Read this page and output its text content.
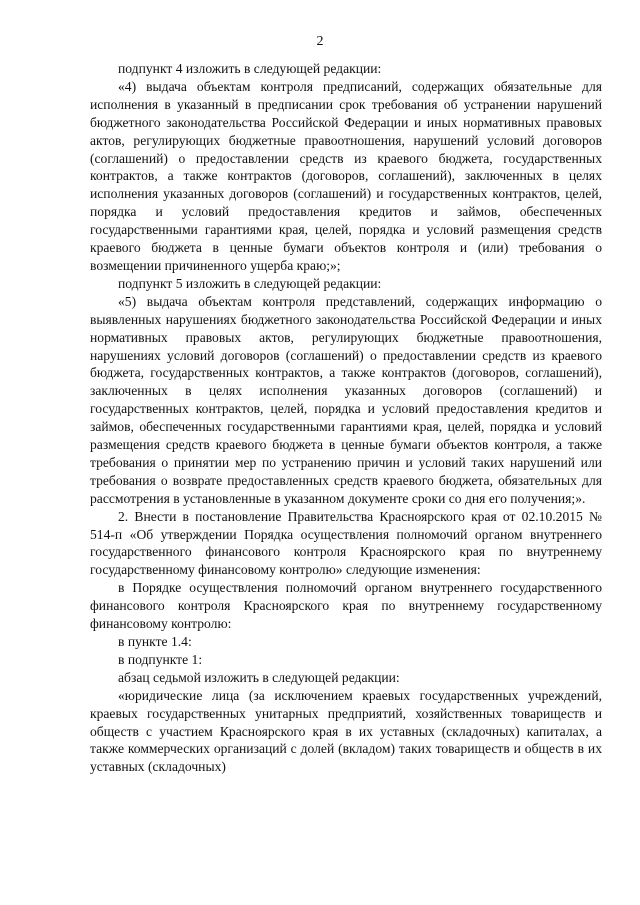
2

подпункт 4 изложить в следующей редакции:

«4) выдача объектам контроля предписаний, содержащих обязательные для исполнения в указанный в предписании срок требования об устранении нарушений бюджетного законодательства Российской Федерации и иных нормативных правовых актов, регулирующих бюджетные правоотношения, нарушений условий договоров (соглашений) о предоставлении средств из краевого бюджета, государственных контрактов, а также контрактов (договоров, соглашений), заключенных в целях исполнения указанных договоров (соглашений) и государственных контрактов, целей, порядка и условий предоставления кредитов и займов, обеспеченных государственными гарантиями края, целей, порядка и условий размещения средств краевого бюджета в ценные бумаги объектов контроля и (или) требования о возмещении причиненного ущерба краю;»;

подпункт 5 изложить в следующей редакции:

«5) выдача объектам контроля представлений, содержащих информацию о выявленных нарушениях бюджетного законодательства Российской Федерации и иных нормативных правовых актов, регулирующих бюджетные правоотношения, нарушениях условий договоров (соглашений) о предоставлении средств из краевого бюджета, государственных контрактов, а также контрактов (договоров, соглашений), заключенных в целях исполнения указанных договоров (соглашений) и государственных контрактов, целей, порядка и условий предоставления кредитов и займов, обеспеченных государственными гарантиями края, целей, порядка и условий размещения средств краевого бюджета в ценные бумаги объектов контроля, а также требования о принятии мер по устранению причин и условий таких нарушений или требования о возврате предоставленных средств краевого бюджета, обязательных для рассмотрения в установленные в указанном документе сроки со дня его получения;».

2. Внести в постановление Правительства Красноярского края от 02.10.2015 № 514-п «Об утверждении Порядка осуществления полномочий органом внутреннего государственного финансового контроля Красноярского края по внутреннему государственному финансовому контролю» следующие изменения:

в Порядке осуществления полномочий органом внутреннего государственного финансового контроля Красноярского края по внутреннему государственному финансовому контролю:

в пункте 1.4:

в подпункте 1:

абзац седьмой изложить в следующей редакции:

«юридические лица (за исключением краевых государственных учреждений, краевых государственных унитарных предприятий, хозяйственных товариществ и обществ с участием Красноярского края в их уставных (складочных) капиталах, а также коммерческих организаций с долей (вкладом) таких товариществ и обществ в их уставных (складочных)
